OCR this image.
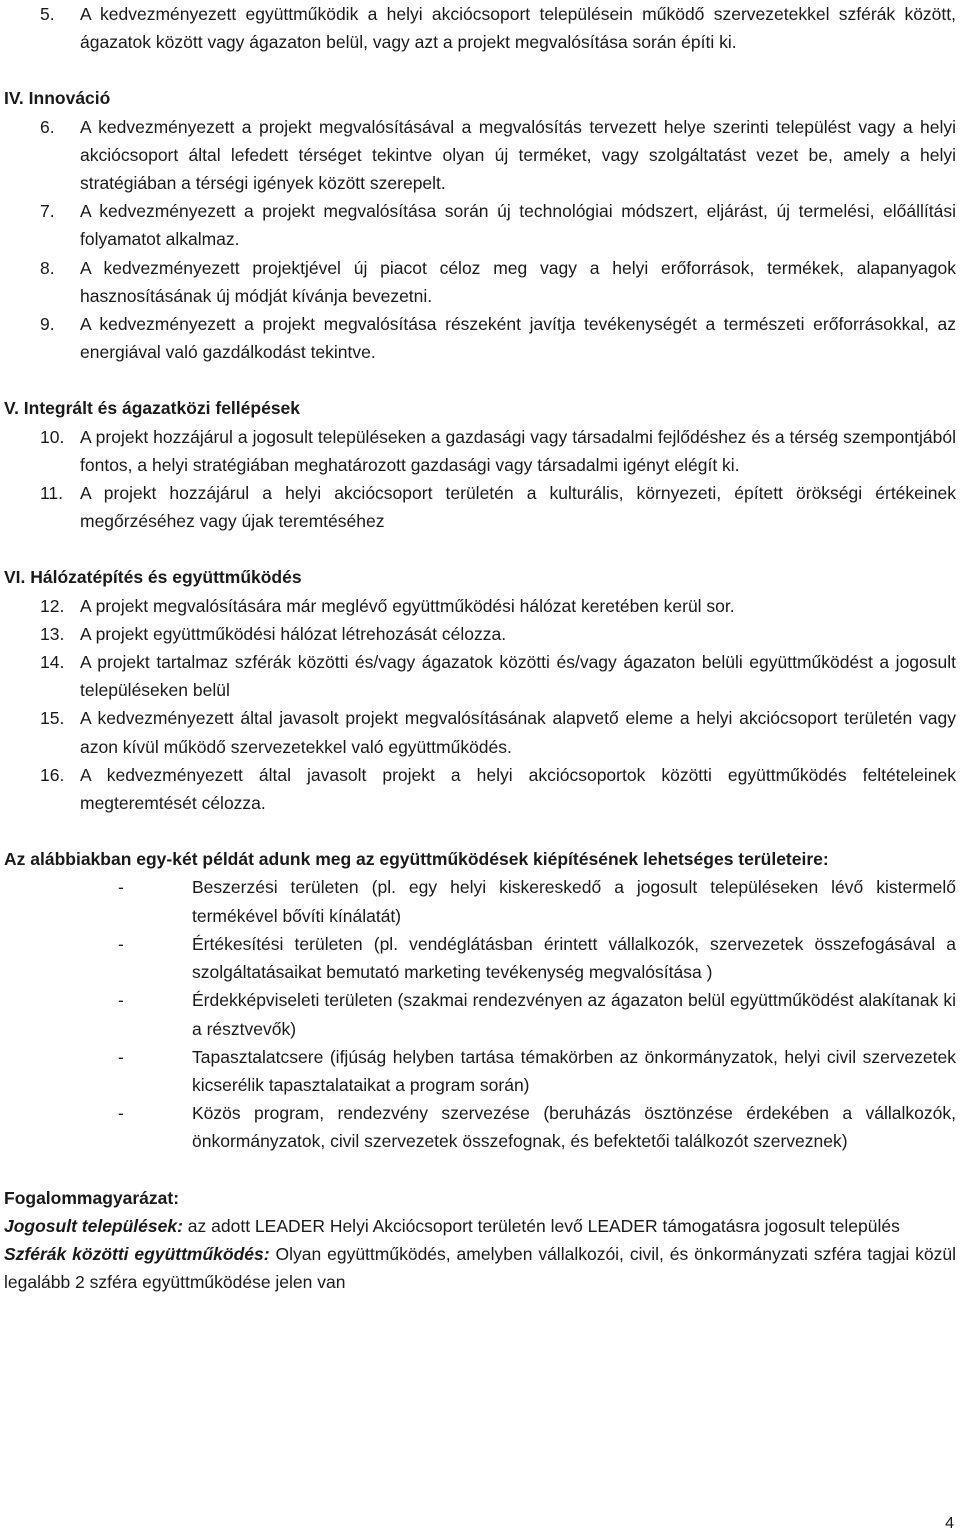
5. A kedvezményezett együttműködik a helyi akciócsoport településein működő szervezetekkel szférák között, ágazatok között vagy ágazaton belül, vagy azt a projekt megvalósítása során építi ki.
IV. Innováció
6. A kedvezményezett a projekt megvalósításával a megvalósítás tervezett helye szerinti települést vagy a helyi akciócsoport által lefedett térséget tekintve olyan új terméket, vagy szolgáltatást vezet be, amely a helyi stratégiában a térségi igények között szerepelt.
7. A kedvezményezett a projekt megvalósítása során új technológiai módszert, eljárást, új termelési, előállítási folyamatot alkalmaz.
8. A kedvezményezett projektjével új piacot céloz meg vagy a helyi erőforrások, termékek, alapanyagok hasznosításának új módját kívánja bevezetni.
9. A kedvezményezett a projekt megvalósítása részeként javítja tevékenységét a természeti erőforrásokkal, az energiával való gazdálkodást tekintve.
V. Integrált és ágazatközi fellépések
10. A projekt hozzájárul a jogosult településeken a gazdasági vagy társadalmi fejlődéshez és a térség szempontjából fontos, a helyi stratégiában meghatározott gazdasági vagy társadalmi igényt elégít ki.
11. A projekt hozzájárul a helyi akciócsoport területén a kulturális, környezeti, épített örökségi értékeinek megőrzéséhez vagy újak teremtéséhez
VI. Hálózatépítés és együttműködés
12. A projekt megvalósítására már meglévő együttműködési hálózat keretében kerül sor.
13. A projekt együttműködési hálózat létrehozását célozza.
14. A projekt tartalmaz szférák közötti és/vagy ágazatok közötti és/vagy ágazaton belüli együttműködést a jogosult településeken belül
15. A kedvezményezett által javasolt projekt megvalósításának alapvető eleme a helyi akciócsoport területén vagy azon kívül működő szervezetekkel való együttműködés.
16. A kedvezményezett által javasolt projekt a helyi akciócsoportok közötti együttműködés feltételeinek megteremtését célozza.
Az alábbiakban egy-két példát adunk meg az együttműködések kiépítésének lehetséges területeire:
-	Beszerzési területen (pl. egy helyi kiskereskedő a jogosult településeken lévő kistermelő termékével bővíti kínálatát)
-	Értékesítési területen (pl. vendéglátásban érintett vállalkozók, szervezetek összefogásával a szolgáltatásaikat bemutató marketing tevékenység megvalósítása )
-	Érdekképviseleti területen (szakmai rendezvényen az ágazaton belül együttműködést alakítanak ki a résztvevők)
-	Tapasztalatcsere (ifjúság helyben tartása témakörben az önkormányzatok, helyi civil szervezetek kicserélik tapasztalataikat a program során)
-	Közös program, rendezvény szervezése (beruházás ösztönzése érdekében a vállalkozók, önkormányzatok, civil szervezetek összefognak, és befektetői találkozót szerveznek)
Fogalommagyarázat:
Jogosult települések: az adott LEADER Helyi Akciócsoport területén levő LEADER támogatásra jogosult település
Szférák közötti együttműködés: Olyan együttműködés, amelyben vállalkozói, civil, és önkormányzati szféra tagjai közül legalább 2 szféra együttműködése jelen van
4
